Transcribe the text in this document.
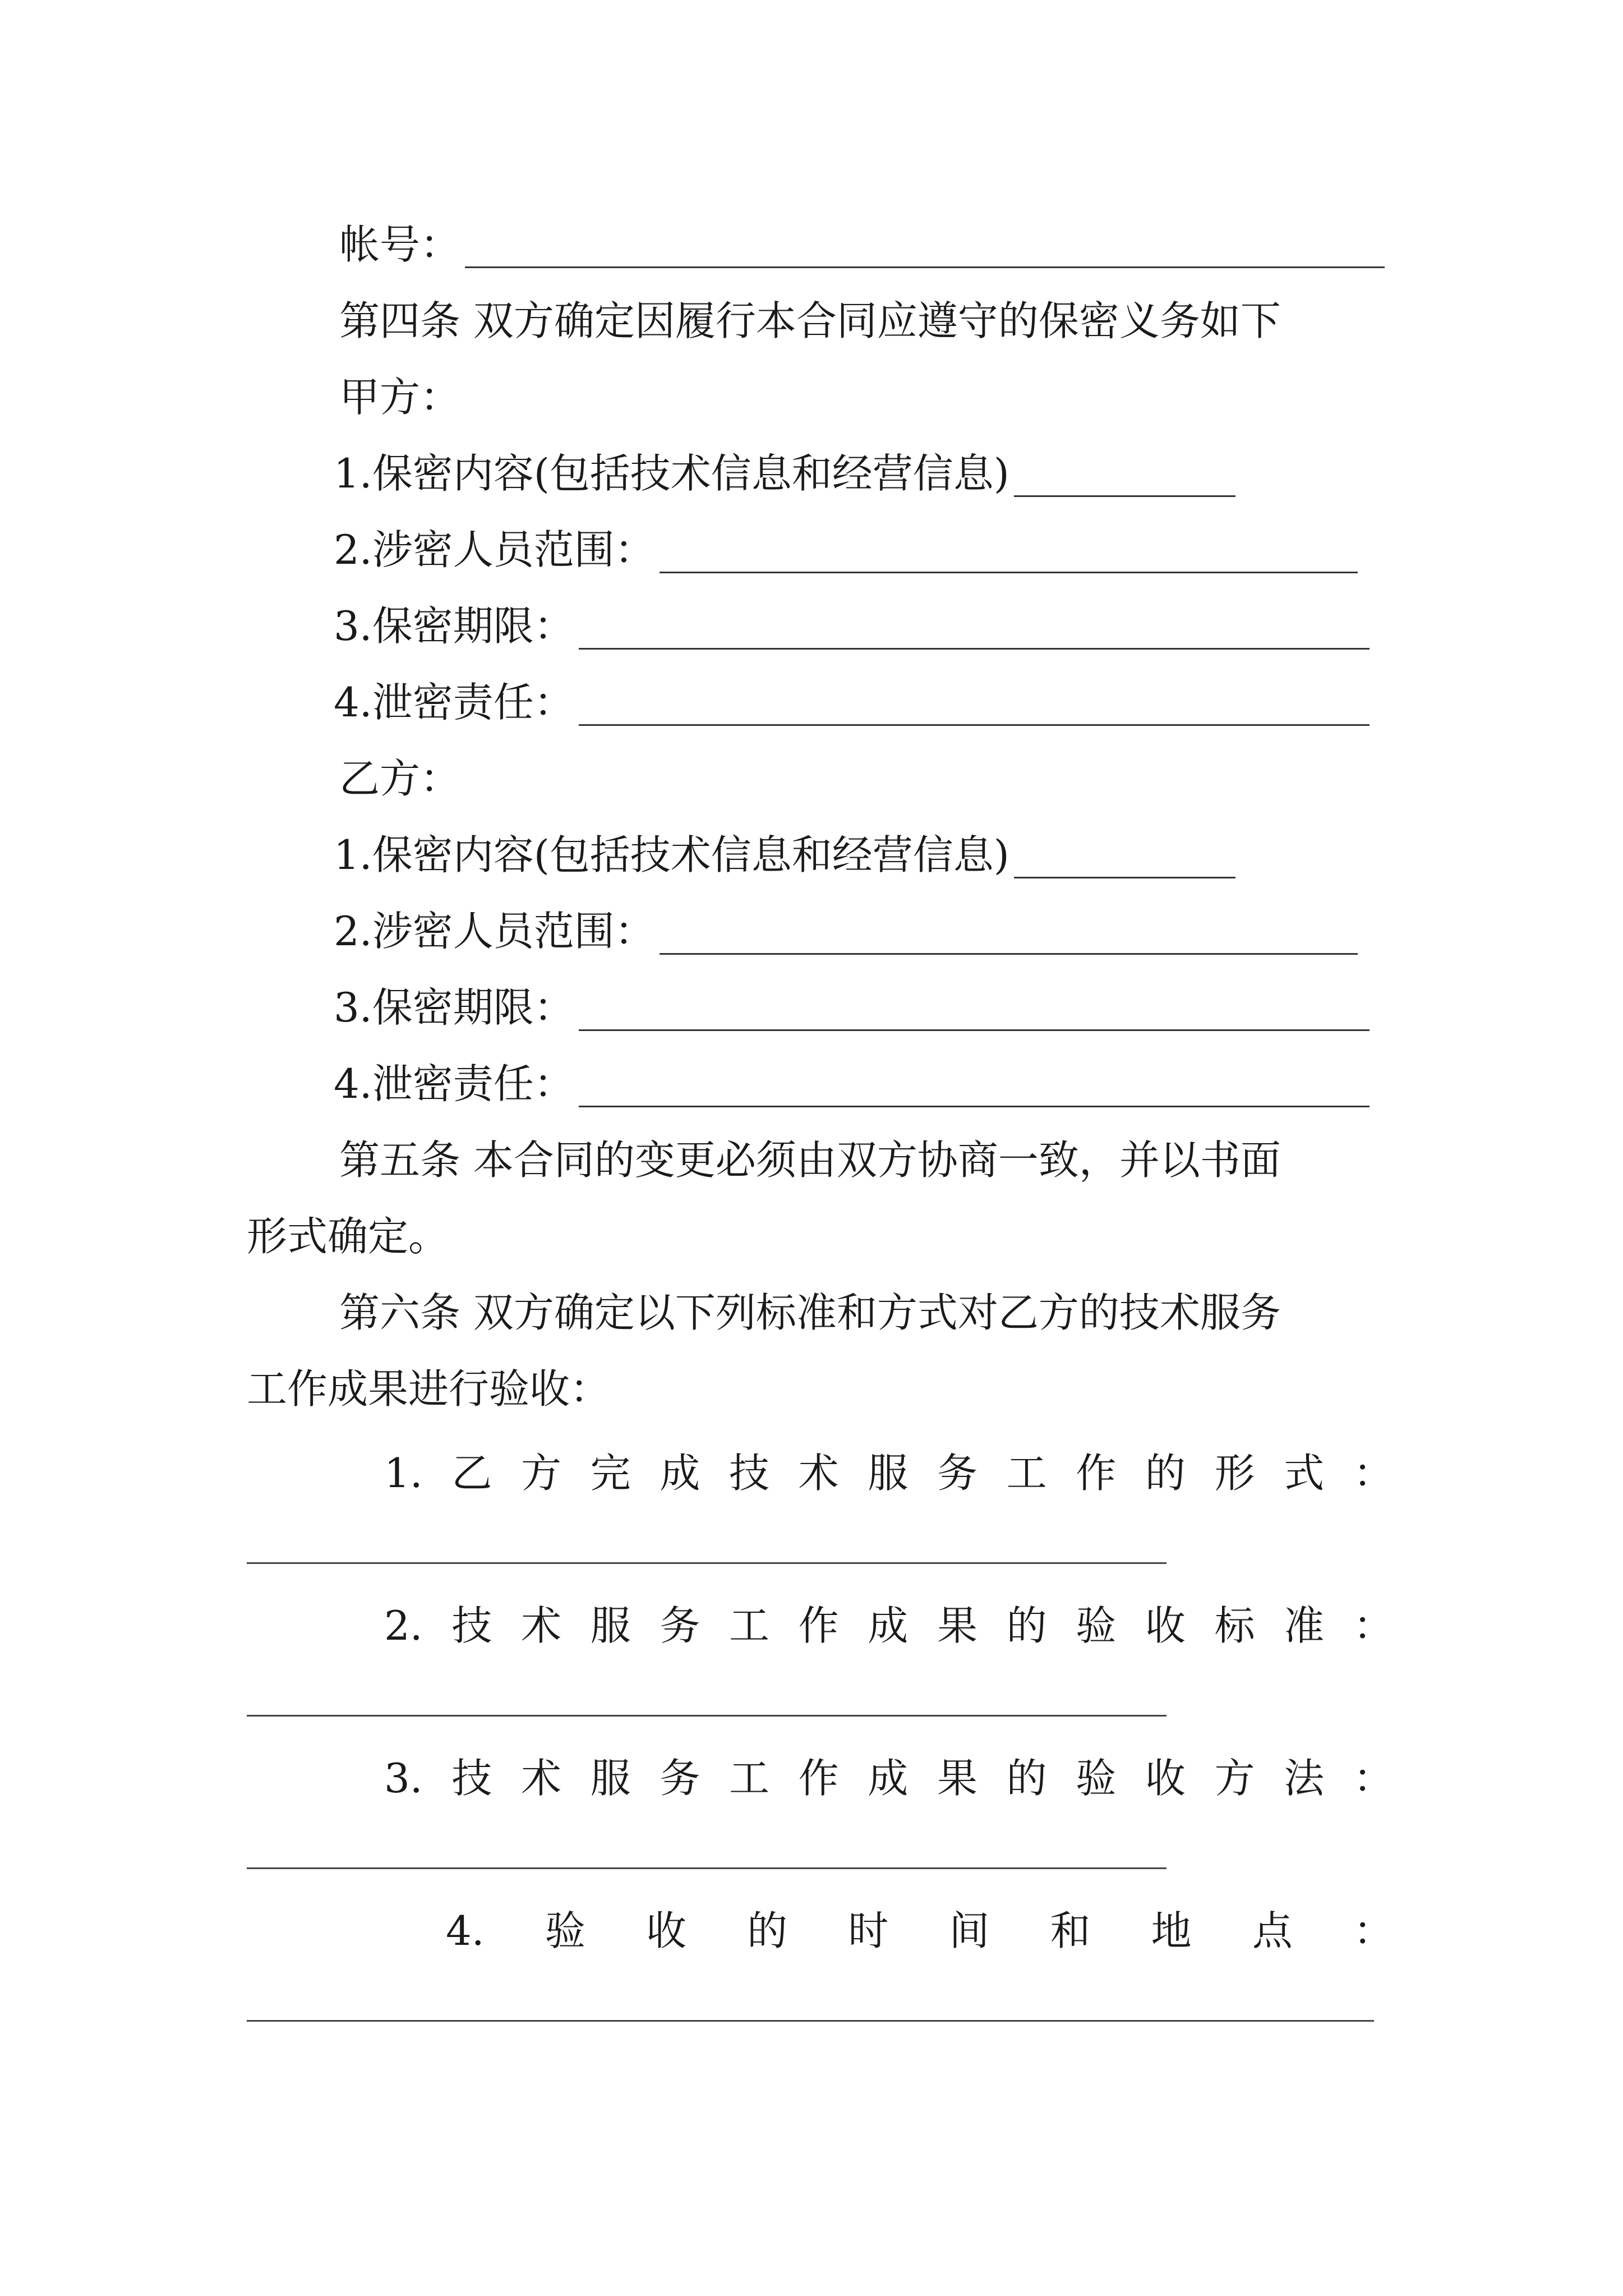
帐号：
第四条 双方确定因履行本合同应遵守的保密义务如下
甲方：
1.保密内容(包括技术信息和经营信息)
2.涉密人员范围：
3.保密期限：
4.泄密责任：
乙方：
1.保密内容(包括技术信息和经营信息)
2.涉密人员范围：
3.保密期限：
4.泄密责任：
第五条 本合同的变更必须由双方协商一致，并以书面
形式确定。
第六条 双方确定以下列标准和方式对乙方的技术服务
工作成果进行验收：
1. 乙 方 完 成 技 术 服 务 工 作 的 形 式 ：
2. 技 术 服 务 工 作 成 果 的 验 收 标 准 ：
3. 技 术 服 务 工 作 成 果 的 验 收 方 法 ：
4. 验 收 的 时 间 和 地 点 ：
